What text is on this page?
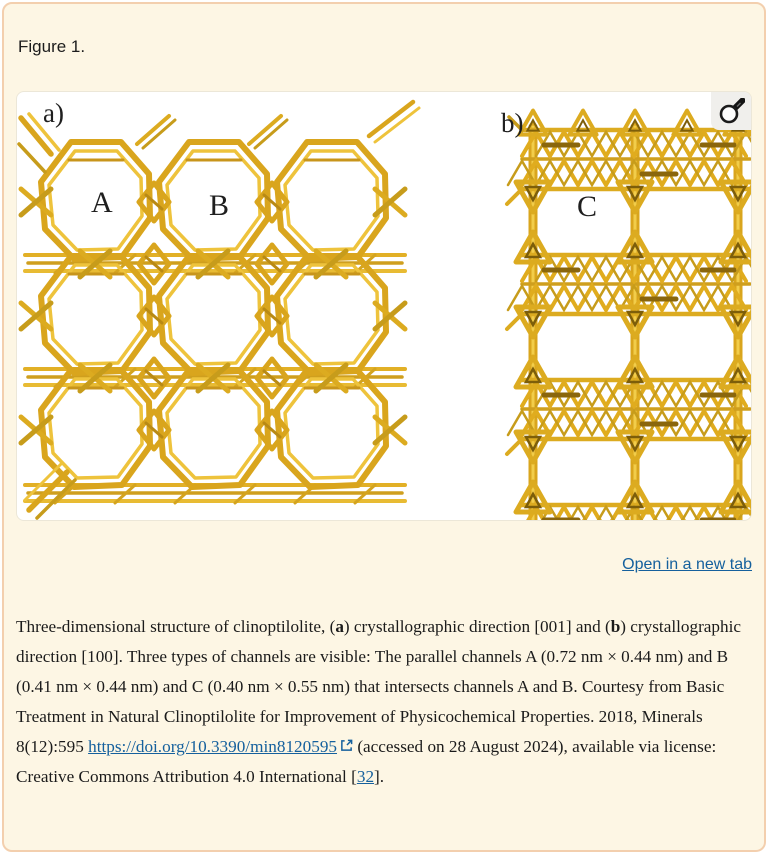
Figure 1.
a)
A	B
b)
C
Open in a new tab

Three-dimensional structure of clinoptilolite, (a) crystallographic direction [001] and (b) crystallographic direction [100]. Three types of channels are visible: The parallel channels A (0.72 nm × 0.44 nm) and B (0.41 nm × 0.44 nm) and C (0.40 nm × 0.55 nm) that intersects channels A and B. Courtesy from Basic Treatment in Natural Clinoptilolite for Improvement of Physicochemical Properties. 2018, Minerals 8(12):595 https://doi.org/10.3390/min8120595 (accessed on 28 August 2024), available via license: Creative Commons Attribution 4.0 International [32].
